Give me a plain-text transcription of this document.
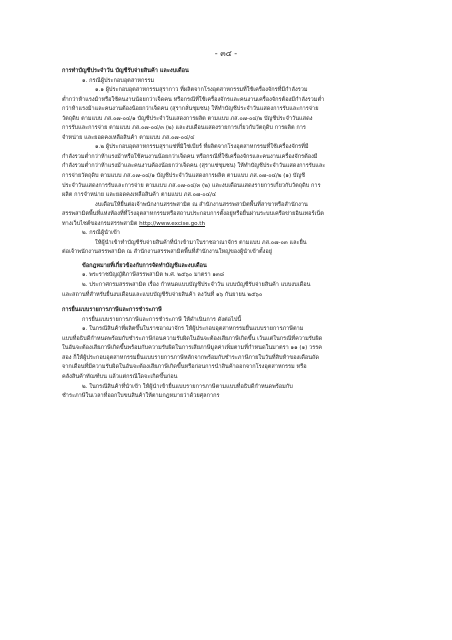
- ๓๔ -

การทำบัญชีประจำวัน บัญชีรับจ่ายสินค้า และงบเดือน

๑. กรณีผู้ประกอบอุตสาหกรรม

๑.๑ ผู้ประกอบอุตสาหกรรมสุรากาว ที่ผลิตจากโรงอุตสาหกรรมที่ใช้เครื่องจักรที่มีกำลังรวม

ต่ำกว่าห้าแรงม้าหรือใช้คนงานน้อยกว่าเจ็ดคน หรือกรณีที่ใช้เครื่องจักรและคนงานเครื่องจักรต้องมีกำลังรวมต่ำ

กว่าห้าแรงม้าและคนงานต้องน้อยกว่าเจ็ดคน (สุรากลั่นชุมชน) ให้ทำบัญชีประจำวันแสดงการรับและการจ่าย

วัตถุดิบ ตามแบบ ภส.๐๗-๐๔/๑ บัญชีประจำวันแสดงการผลิต ตามแบบ ภส.๐๗-๐๔/๒ บัญชีประจำวันแสดง

การรับและการจ่าย ตามแบบ ภส.๐๗-๐๔/๓ (๒) และงบเดือนแสดงรายการเกี่ยวกับวัตถุดิบ การผลิต การ

จำหน่าย และยอดคงเหลือสินค้า ตามแบบ ภส.๐๗-๐๔/๔

๑.๒ ผู้ประกอบอุตสาหกรรมสุราแช่ที่มิใช่เบียร์ ที่ผลิตจากโรงอุตสาหกรรมที่ใช้เครื่องจักรที่มี

กำลังรวมต่ำกว่าห้าแรงม้าหรือใช้คนงานน้อยกว่าเจ็ดคน หรือกรณีที่ใช้เครื่องจักรและคนงานเครื่องจักรต้องมี

กำลังรวมต่ำกว่าห้าแรงม้าและคนงานต้องน้อยกว่าเจ็ดคน (สุราแช่ชุมชน) ให้ทำบัญชีประจำวันแสดงการรับและ

การจ่ายวัตถุดิบ ตามแบบ ภส.๐๗-๐๔/๑ บัญชีประจำวันแสดงการผลิต ตามแบบ ภส.๐๗-๐๔/๒ (๑) บัญชี

ประจำวันแสดงการรับและการจ่าย ตามแบบ ภส.๐๗-๐๔/๓ (๒) และงบเดือนแสดงรายการเกี่ยวกับวัตถุดิบ การ

ผลิต การจำหน่าย และยอดคงเหลือสินค้า ตามแบบ ภส.๐๗-๐๔/๔

งบเดือนให้ยื่นต่อเจ้าพนักงานสรรพสามิต ณ สำนักงานสรรพสามิตพื้นที่สาขาหรือสำนักงาน

สรรพสามิตพื้นที่แห่งท้องที่ที่โรงอุตสาหกรรมหรือสถานประกอบการตั้งอยู่หรือยื่นผ่านระบบเครือข่ายอินเทอร์เน็ต

ทางเว็บไซต์ของกรมสรรพสามิต http://www.excise.go.th

๒. กรณีผู้นำเข้า

ให้ผู้นำเข้าทำบัญชีรับจ่ายสินค้าที่นำเข้ามาในราชอาณาจักร ตามแบบ ภส.๐๗-๐๓ และยื่น

ต่อเจ้าพนักงานสรรพสามิต ณ สำนักงานสรรพสามิตพื้นที่สำนักงานใหญ่ของผู้นำเข้าตั้งอยู่

ข้อกฎหมายที่เกี่ยวข้องกับการจัดทำบัญชีและงบเดือน

๑. พระราชบัญญัติภาษีสรรพสามิต พ.ศ. ๒๕๖๐ มาตรา ๑๓๘

๒. ประกาศกรมสรรพสามิต เรื่อง กำหนดแบบบัญชีประจำวัน แบบบัญชีรับจ่ายสินค้า แบบงบเดือน

และสถานที่สำหรับยื่นงบเดือนและแบบบัญชีรับจ่ายสินค้า ลงวันที่ ๑๖ กันยายน ๒๕๖๐

การยื่นแบบรายการภาษีและการชำระภาษี

การยื่นแบบรายการภาษีและการชำระภาษี ให้ดำเนินการ ดังต่อไปนี้

๑. ในกรณีสินค้าที่ผลิตขึ้นในราชอาณาจักร ให้ผู้ประกอบอุตสาหกรรมยื่นแบบรายการภาษีตาม

แบบที่อธิบดีกำหนดพร้อมกับชำระภาษีก่อนความรับผิดในอันจะต้องเสียภาษีเกิดขึ้น เว้นแต่ในกรณีที่ความรับผิด

ในอันจะต้องเสียภาษีเกิดขึ้นพร้อมกับความรับผิดในการเสียภาษีมูลค่าเพิ่มตามที่กำหนดในมาตรา ๑๑ (๑) วรรค

สอง ก็ให้ผู้ประกอบอุตสาหกรรมยื่นแบบรายการภาษีหลักจากพร้อมกับชำระภาษีภายในวันที่สิบห้าของเดือนถัด

จากเดือนที่มีความรับผิดในอันจะต้องเสียภาษีเกิดขึ้นหรือก่อนการนำสินค้าออกจากโรงอุตสาหกรรม หรือ

คลังสินค้าทัณฑ์บน แล้วแต่กรณีใดจะเกิดขึ้นก่อน

๒. ในกรณีสินค้าที่นำเข้า ให้ผู้นำเข้ายื่นแบบรายการภาษีตามแบบที่อธิบดีกำหนดพร้อมกับ

ชำระภาษีในเวลาที่ออกใบขนสินค้าให้ตามกฎหมายว่าด้วยศุลกากร
